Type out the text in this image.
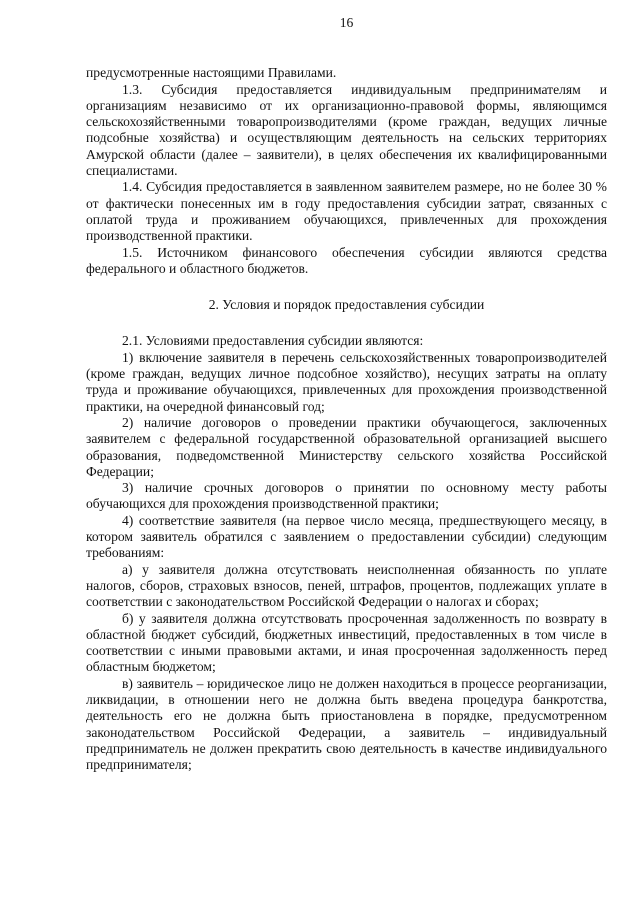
16

предусмотренные настоящими Правилами.

1.3. Субсидия предоставляется индивидуальным предпринимателям и организациям независимо от их организационно-правовой формы, являющимся сельскохозяйственными товаропроизводителями (кроме граждан, ведущих личные подсобные хозяйства) и осуществляющим деятельность на сельских территориях Амурской области (далее – заявители), в целях обеспечения их квалифицированными специалистами.

1.4. Субсидия предоставляется в заявленном заявителем размере, но не более 30 % от фактически понесенных им в году предоставления субсидии затрат, связанных с оплатой труда и проживанием обучающихся, привлеченных для прохождения производственной практики.

1.5. Источником финансового обеспечения субсидии являются средства федерального и областного бюджетов.

2. Условия и порядок предоставления субсидии

2.1. Условиями предоставления субсидии являются:

1) включение заявителя в перечень сельскохозяйственных товаропроизводителей (кроме граждан, ведущих личное подсобное хозяйство), несущих затраты на оплату труда и проживание обучающихся, привлеченных для прохождения производственной практики, на очередной финансовый год;

2) наличие договоров о проведении практики обучающегося, заключенных заявителем с федеральной государственной образовательной организацией высшего образования, подведомственной Министерству сельского хозяйства Российской Федерации;

3) наличие срочных договоров о принятии по основному месту работы обучающихся для прохождения производственной практики;

4) соответствие заявителя (на первое число месяца, предшествующего месяцу, в котором заявитель обратился с заявлением о предоставлении субсидии) следующим требованиям:

а) у заявителя должна отсутствовать неисполненная обязанность по уплате налогов, сборов, страховых взносов, пеней, штрафов, процентов, подлежащих уплате в соответствии с законодательством Российской Федерации о налогах и сборах;

б) у заявителя должна отсутствовать просроченная задолженность по возврату в областной бюджет субсидий, бюджетных инвестиций, предоставленных в том числе в соответствии с иными правовыми актами, и иная просроченная задолженность перед областным бюджетом;

в) заявитель – юридическое лицо не должен находиться в процессе реорганизации, ликвидации, в отношении него не должна быть введена процедура банкротства, деятельность его не должна быть приостановлена в порядке, предусмотренном законодательством Российской Федерации, а заявитель – индивидуальный предприниматель не должен прекратить свою деятельность в качестве индивидуального предпринимателя;
